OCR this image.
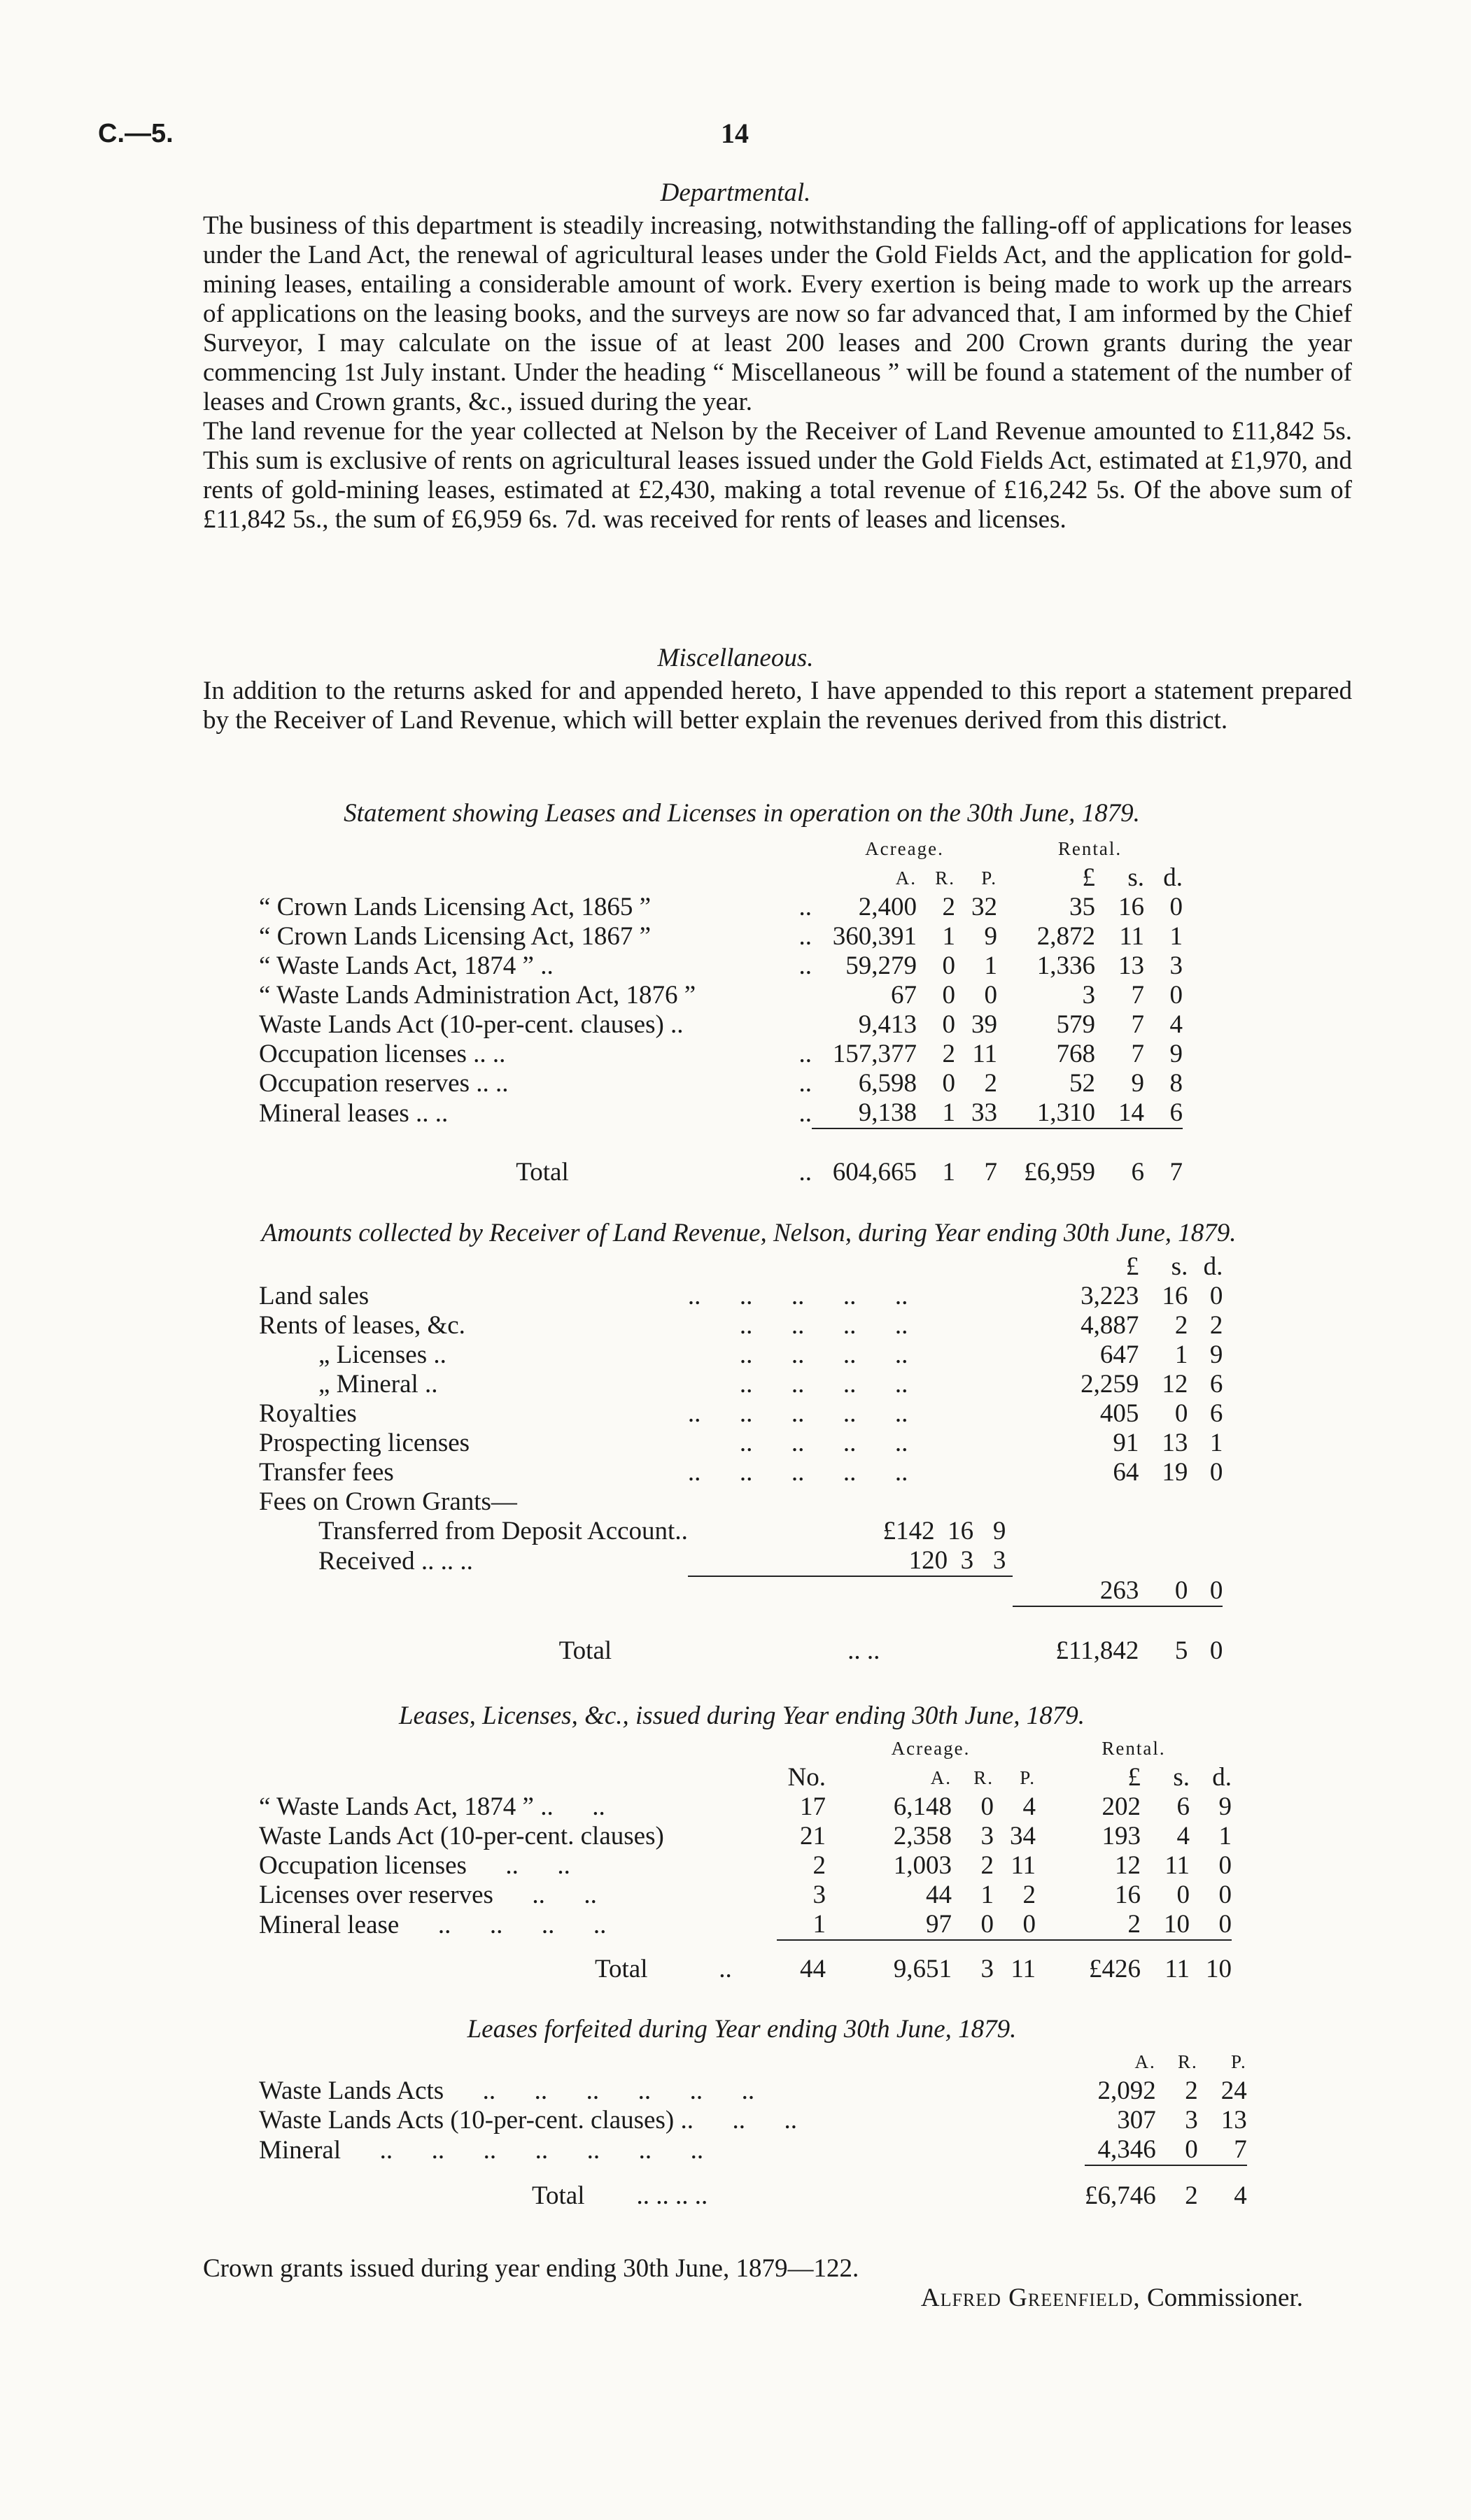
C.—5.	14
Departmental.

The business of this department is steadily increasing, notwithstanding the falling-off of applications for leases under the Land Act, the renewal of agricultural leases under the Gold Fields Act, and the application for gold-mining leases, entailing a considerable amount of work. Every exertion is being made to work up the arrears of applications on the leasing books, and the surveys are now so far advanced that, I am informed by the Chief Surveyor, I may calculate on the issue of at least 200 leases and 200 Crown grants during the year commencing 1st July instant. Under the heading “ Miscellaneous ” will be found a statement of the number of leases and Crown grants, &c., issued during the year.

The land revenue for the year collected at Nelson by the Receiver of Land Revenue amounted to £11,842 5s. This sum is exclusive of rents on agricultural leases issued under the Gold Fields Act, estimated at £1,970, and rents of gold-mining leases, estimated at £2,430, making a total revenue of £16,242 5s. Of the above sum of £11,842 5s., the sum of £6,959 6s. 7d. was received for rents of leases and licenses.

Miscellaneous.
In addition to the returns asked for and appended hereto, I have appended to this report a statement prepared by the Receiver of Land Revenue, which will better explain the revenues derived from this district.
Statement showing Leases and Licenses in operation on the 30th June, 1879.
		Acreage.			Rental.		
		A.	R.	P.	£	s.	d.
“ Crown Lands Licensing Act, 1865 ”	..	2,400	2	32	35	16	0
“ Crown Lands Licensing Act, 1867 ”	..	360,391	1	9	2,872	11	1
“ Waste Lands Act, 1874 ” ..	..	59,279	0	1	1,336	13	3
“ Waste Lands Administration Act, 1876 ”		67	0	0	3	7	0
Waste Lands Act (10-per-cent. clauses) ..		9,413	0	39	579	7	4
Occupation licenses .. ..	..	157,377	2	11	768	7	9
Occupation reserves .. ..	..	6,598	0	2	52	9	8
Mineral leases .. ..	..	9,138	1	33	1,310	14	6

Total	..	604,665	1	7	£6,959	6	7
Amounts collected by Receiver of Land Revenue, Nelson, during Year ending 30th June, 1879.
			£	s.	d.
Land sales	..      ..      ..      ..      ..		3,223	16	0
Rents of leases, &c.	..      ..      ..      ..		4,887	2	2
„ Licenses ..	..      ..      ..      ..		647	1	9
„ Mineral ..	..      ..      ..      ..		2,259	12	6
Royalties	..      ..      ..      ..      ..		405	0	6
Prospecting licenses	..      ..      ..      ..		91	13	1
Transfer fees	..      ..      ..      ..      ..		64	19	0
Fees on Crown Grants—					
Transferred from Deposit Account..	£142 16 9				
Received .. .. ..	120 3 3				
			263	0	0

Total	.. ..		£11,842	5	0
Leases, Licenses, &c., issued during Year ending 30th June, 1879.
		Acreage.			Rental.		
	No.	A.	R.	P.	£	s.	d.
“ Waste Lands Act, 1874 ” ..      ..	17	6,148	0	4	202	6	9
Waste Lands Act (10-per-cent. clauses)	21	2,358	3	34	193	4	1
Occupation licenses      ..      ..	2	1,003	2	11	12	11	0
Licenses over reserves      ..      ..	3	44	1	2	16	0	0
Mineral lease      ..      ..      ..      ..	1	97	0	0	2	10	0

Total ..	44	9,651	3	11	£426	11	10
Leases forfeited during Year ending 30th June, 1879.
	A.	R.	P.
Waste Lands Acts      ..      ..      ..      ..      ..      ..	2,092	2	24
Waste Lands Acts (10-per-cent. clauses) ..      ..      ..	307	3	13
Mineral      ..      ..      ..      ..      ..      ..      ..	4,346	0	7

Total .. .. .. ..	£6,746	2	4
Crown grants issued during year ending 30th June, 1879—122.
Alfred Greenfield, Commissioner.
